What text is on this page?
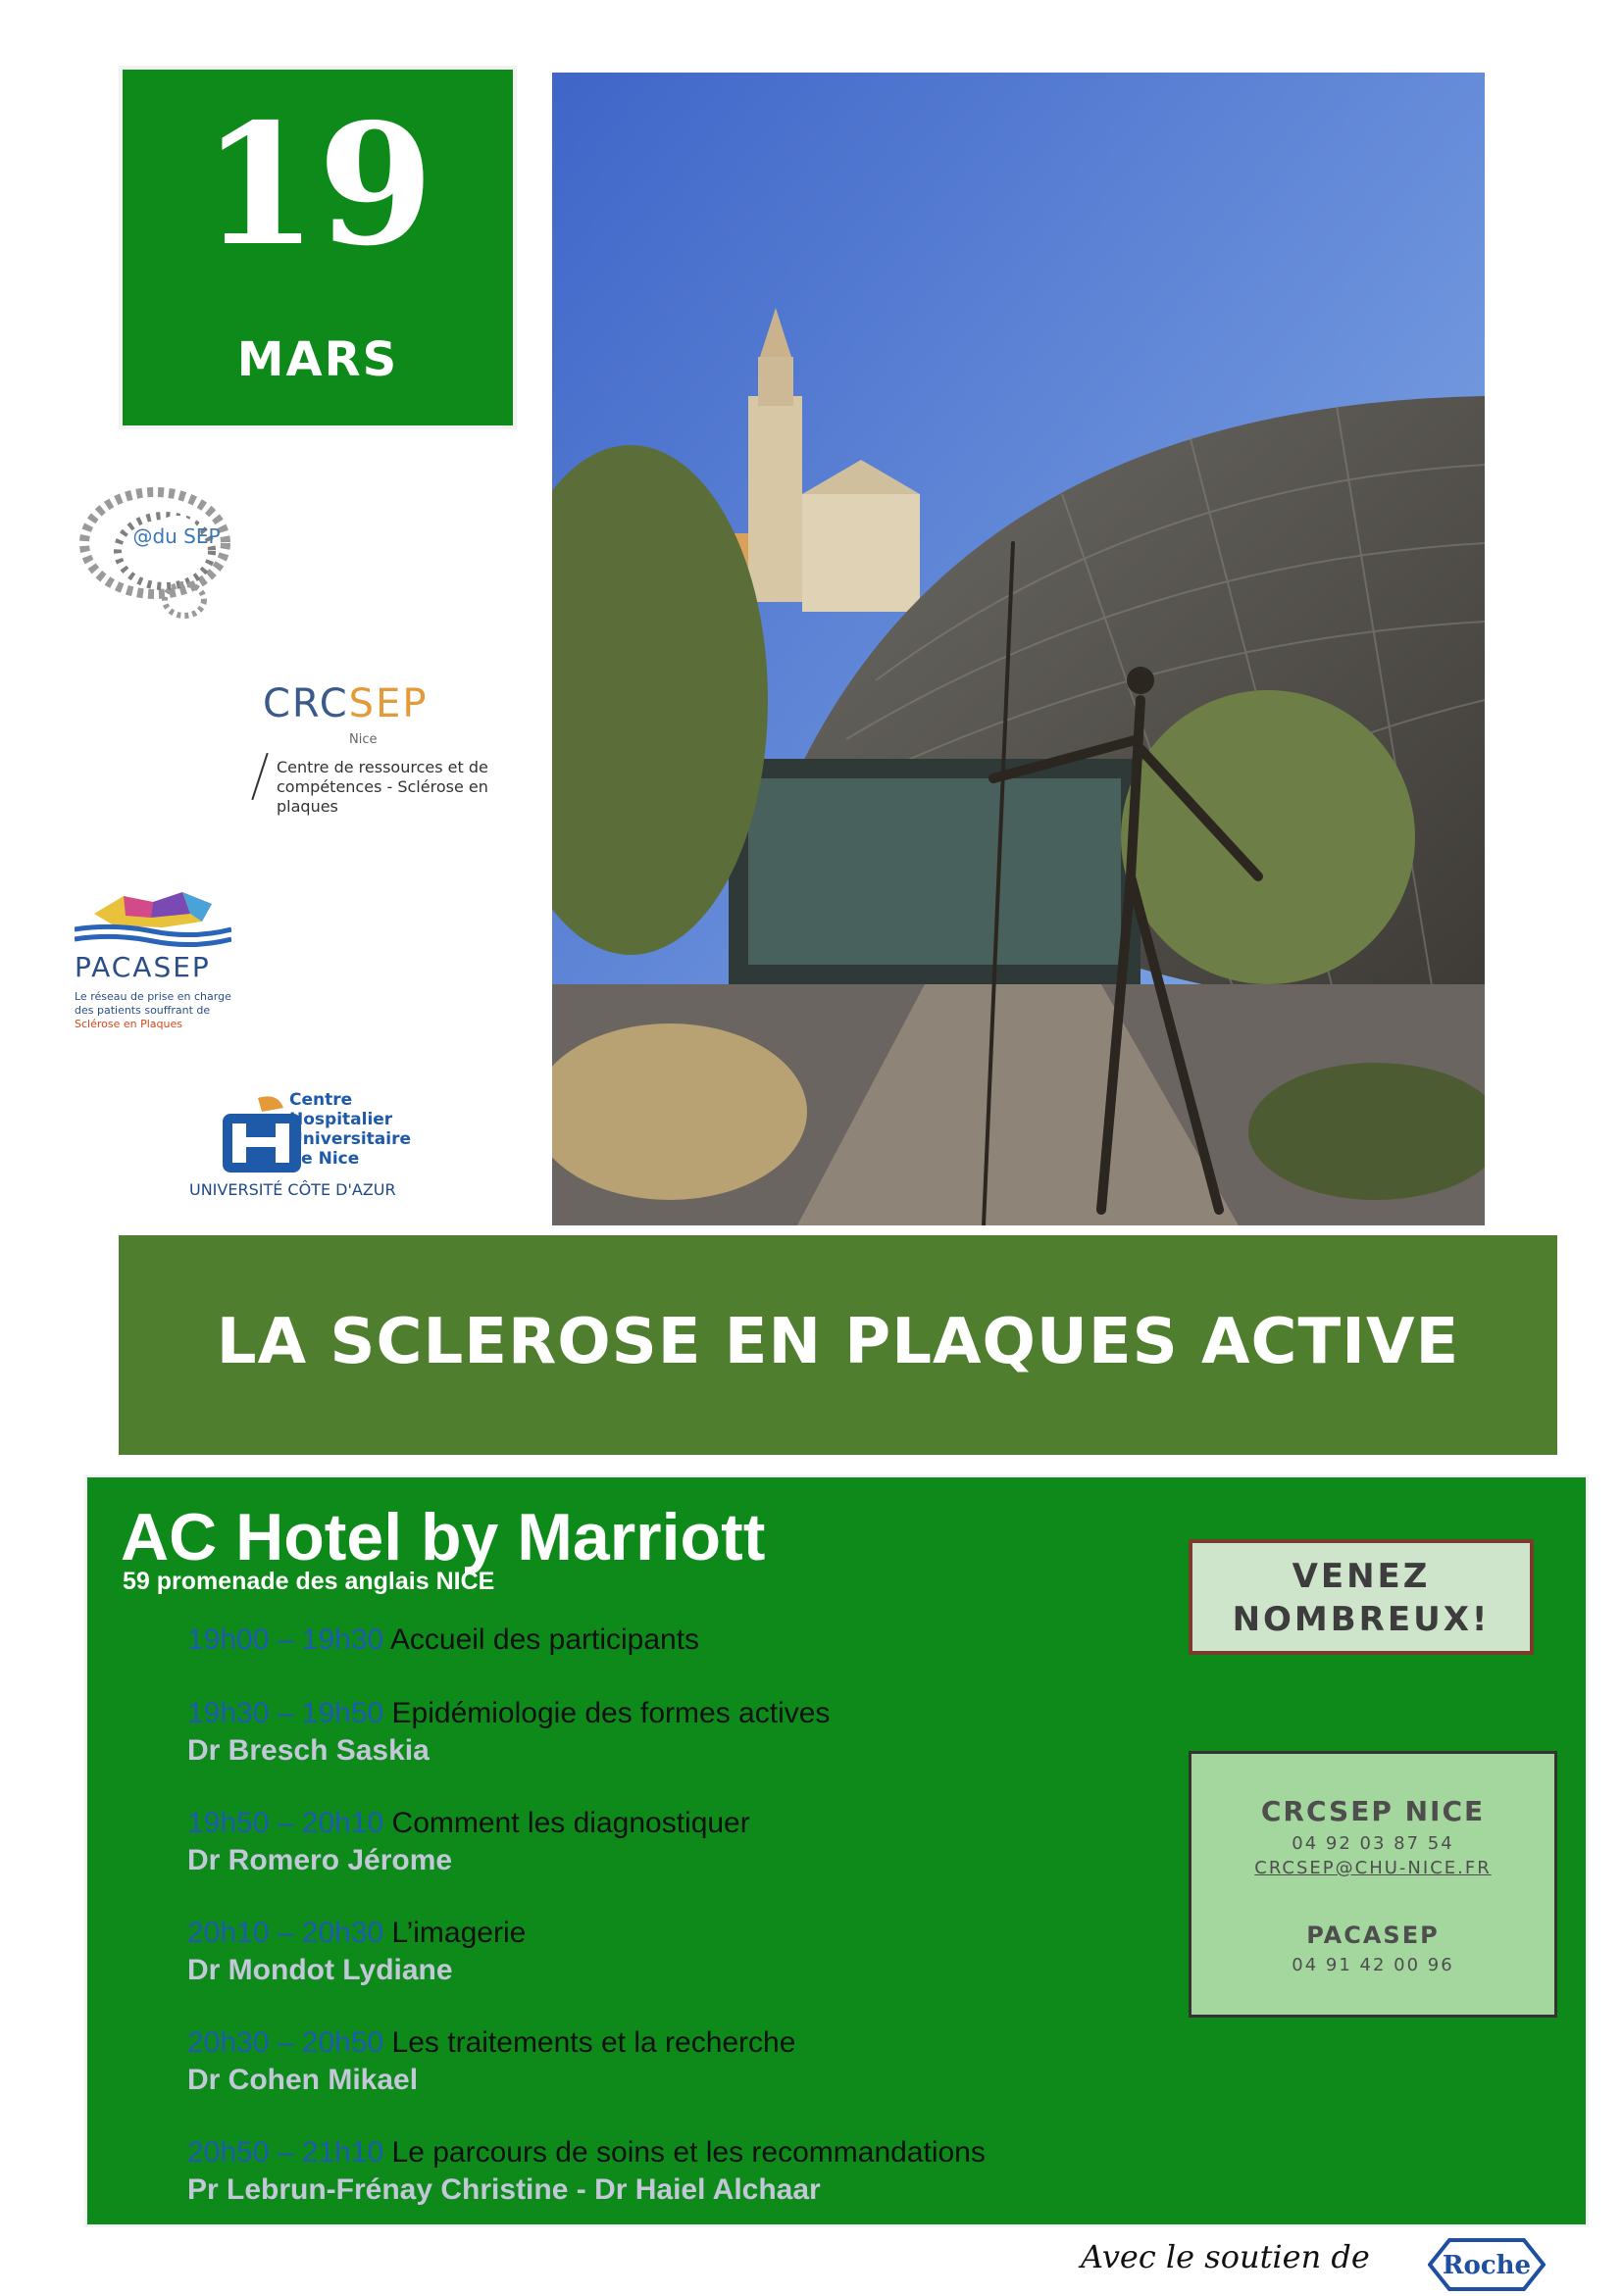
19
MARS
19H-21H30
@du SEP
CRCSEP
Nice
Centre de ressources et de
compétences - Sclérose en plaques
PACASEP
Le réseau de prise en charge
des patients souffrant de
Sclérose en Plaques
Centre
Hospitalier
Universitaire
de Nice
UNIVERSITÉ CÔTE D'AZUR
LA SCLEROSE EN PLAQUES ACTIVE
AC Hotel by Marriott
59 promenade des anglais NICE
19h00 – 19h30 Accueil des participants
19h30 – 19h50 Epidémiologie des formes actives
Dr Bresch Saskia
19h50 – 20h10 Comment les diagnostiquer
Dr Romero Jérome
20h10 – 20h30 L’imagerie
Dr Mondot Lydiane
20h30 – 20h50 Les traitements et la recherche
Dr Cohen Mikael
20h50 – 21h10 Le parcours de soins et les recommandations
Pr Lebrun-Frénay Christine - Dr Haiel Alchaar
VENEZ
NOMBREUX!
CRCSEP NICE
04 92 03 87 54
CRCSEP@CHU-NICE.FR
PACASEP
04 91 42 00 96
Avec le soutien de	Roche
